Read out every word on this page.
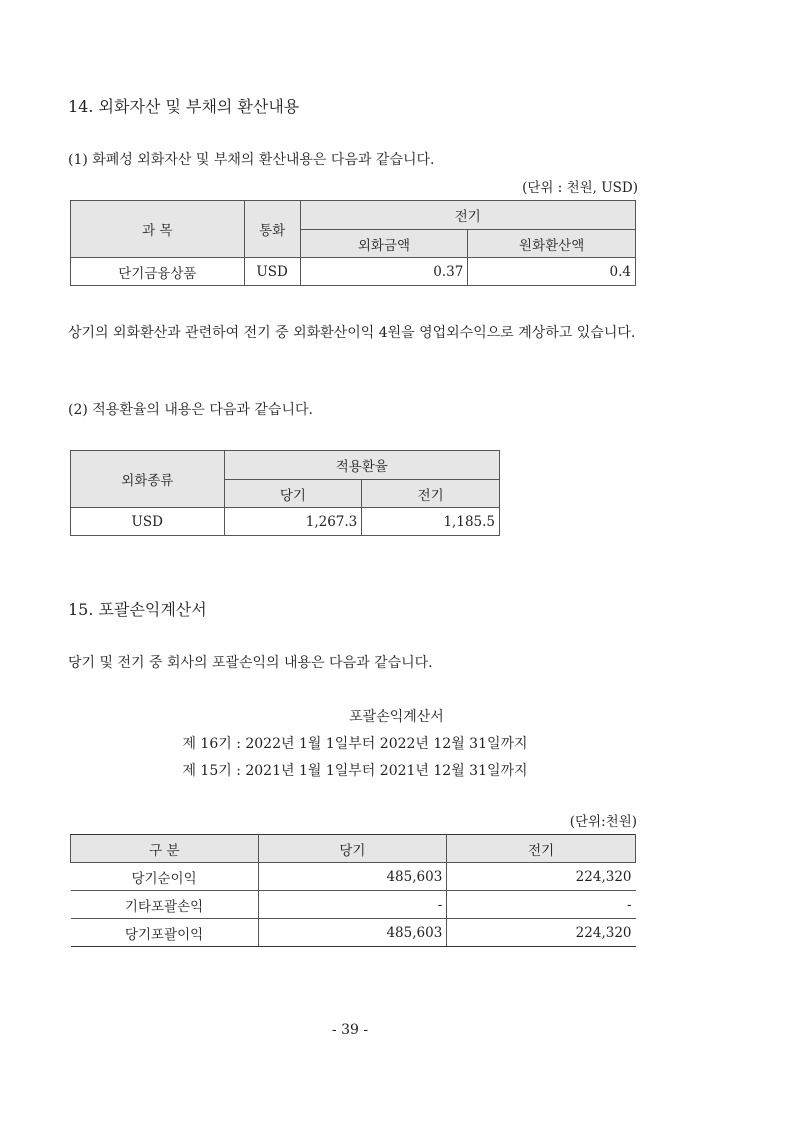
14. 외화자산 및 부채의 환산내용
(1) 화폐성 외화자산 및 부채의 환산내용은 다음과 같습니다.
(단위 : 천원, USD)
과 목	통화	전기	
		외화금액	원화환산액
단기금융상품	USD	0.37	0.4
상기의 외화환산과 관련하여 전기 중 외화환산이익 4원을 영업외수익으로 계상하고 있습니다.
(2) 적용환율의 내용은 다음과 같습니다.
외화종류	적용환율	
	당기	전기
USD	1,267.3	1,185.5
15. 포괄손익계산서
당기 및 전기 중 회사의 포괄손익의 내용은 다음과 같습니다.
포괄손익계산서
제 16기 : 2022년 1월 1일부터 2022년 12월 31일까지
제 15기 : 2021년 1월 1일부터 2021년 12월 31일까지
(단위:천원)
구 분	당기	전기
당기순이익	485,603	224,320
기타포괄손익	-	-
당기포괄이익	485,603	224,320
- 39 -
